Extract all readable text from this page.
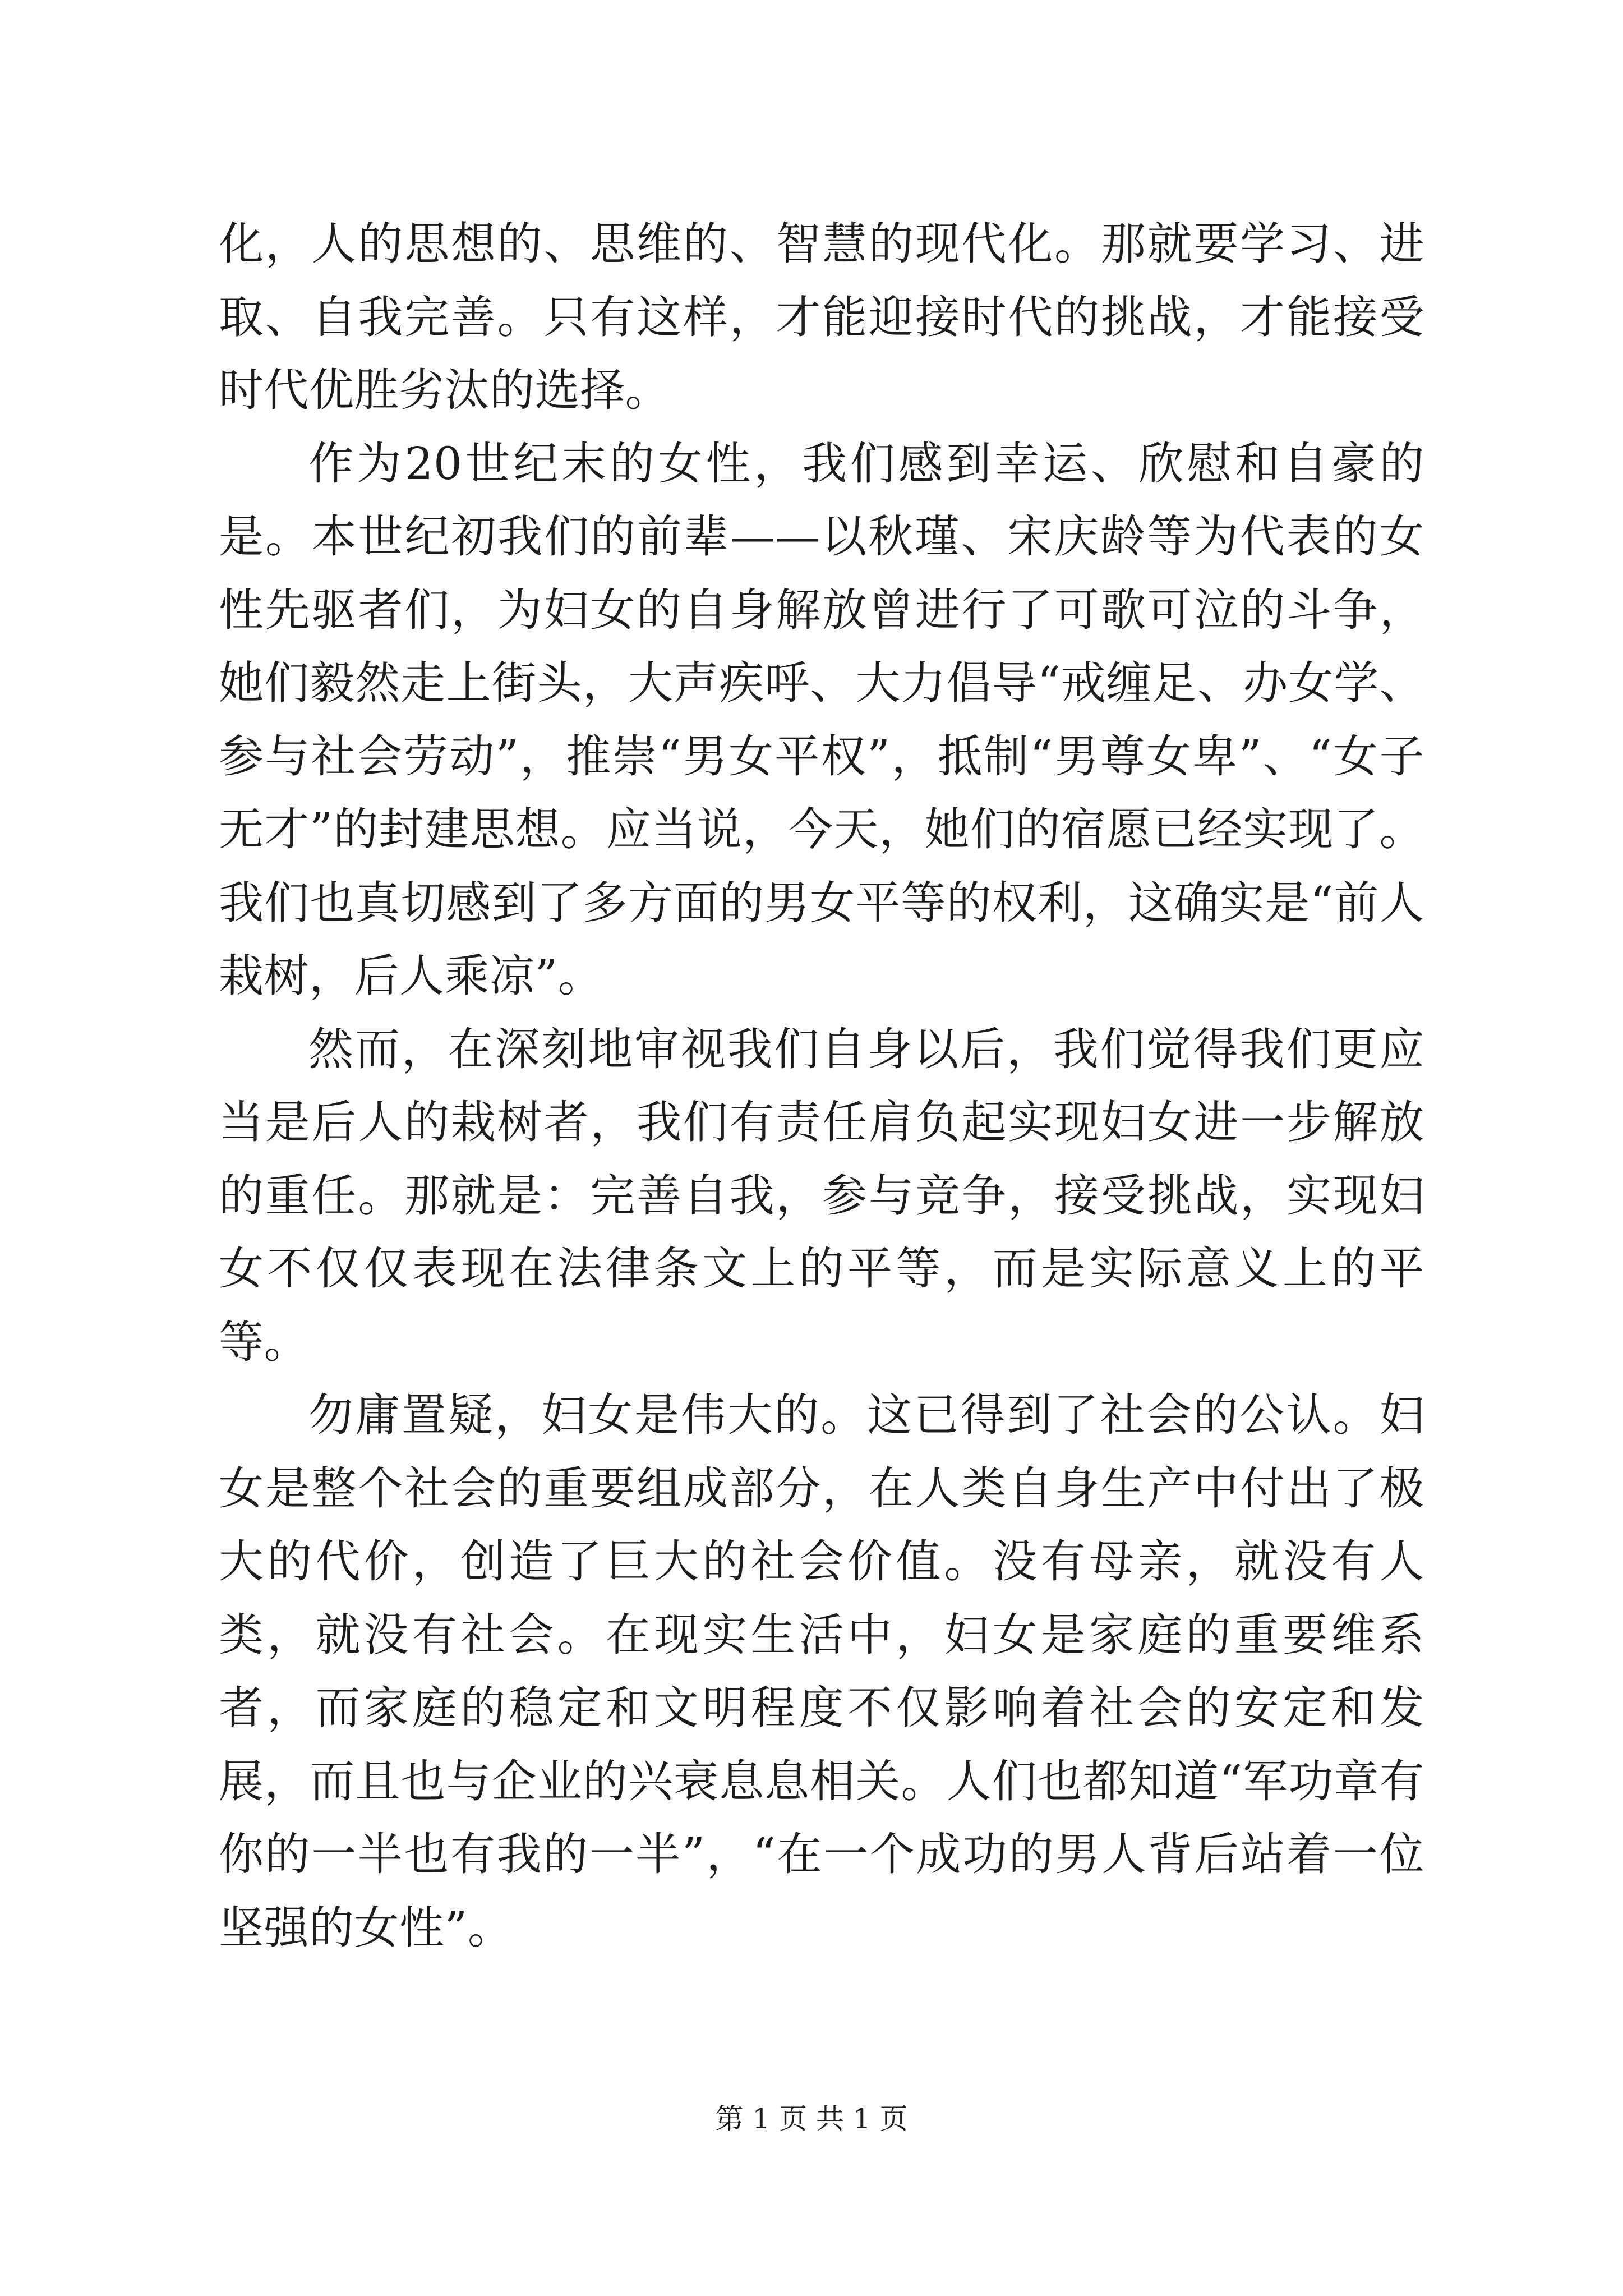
化，人的思想的、思维的、智慧的现代化。那就要学习、进取、自我完善。只有这样，才能迎接时代的挑战，才能接受时代优胜劣汰的选择。

作为20世纪末的女性，我们感到幸运、欣慰和自豪的是。本世纪初我们的前辈——以秋瑾、宋庆龄等为代表的女性先驱者们，为妇女的自身解放曾进行了可歌可泣的斗争，她们毅然走上街头，大声疾呼、大力倡导“戒缠足、办女学、参与社会劳动”，推崇“男女平权”，抵制“男尊女卑”、“女子无才”的封建思想。应当说，今天，她们的宿愿已经实现了。我们也真切感到了多方面的男女平等的权利，这确实是“前人栽树，后人乘凉”。

然而，在深刻地审视我们自身以后，我们觉得我们更应当是后人的栽树者，我们有责任肩负起实现妇女进一步解放的重任。那就是：完善自我，参与竞争，接受挑战，实现妇女不仅仅表现在法律条文上的平等，而是实际意义上的平等。

勿庸置疑，妇女是伟大的。这已得到了社会的公认。妇女是整个社会的重要组成部分，在人类自身生产中付出了极大的代价，创造了巨大的社会价值。没有母亲，就没有人类，就没有社会。在现实生活中，妇女是家庭的重要维系者，而家庭的稳定和文明程度不仅影响着社会的安定和发展，而且也与企业的兴衰息息相关。人们也都知道“军功章有你的一半也有我的一半”，“在一个成功的男人背后站着一位坚强的女性”。

第 1 页 共 1 页
